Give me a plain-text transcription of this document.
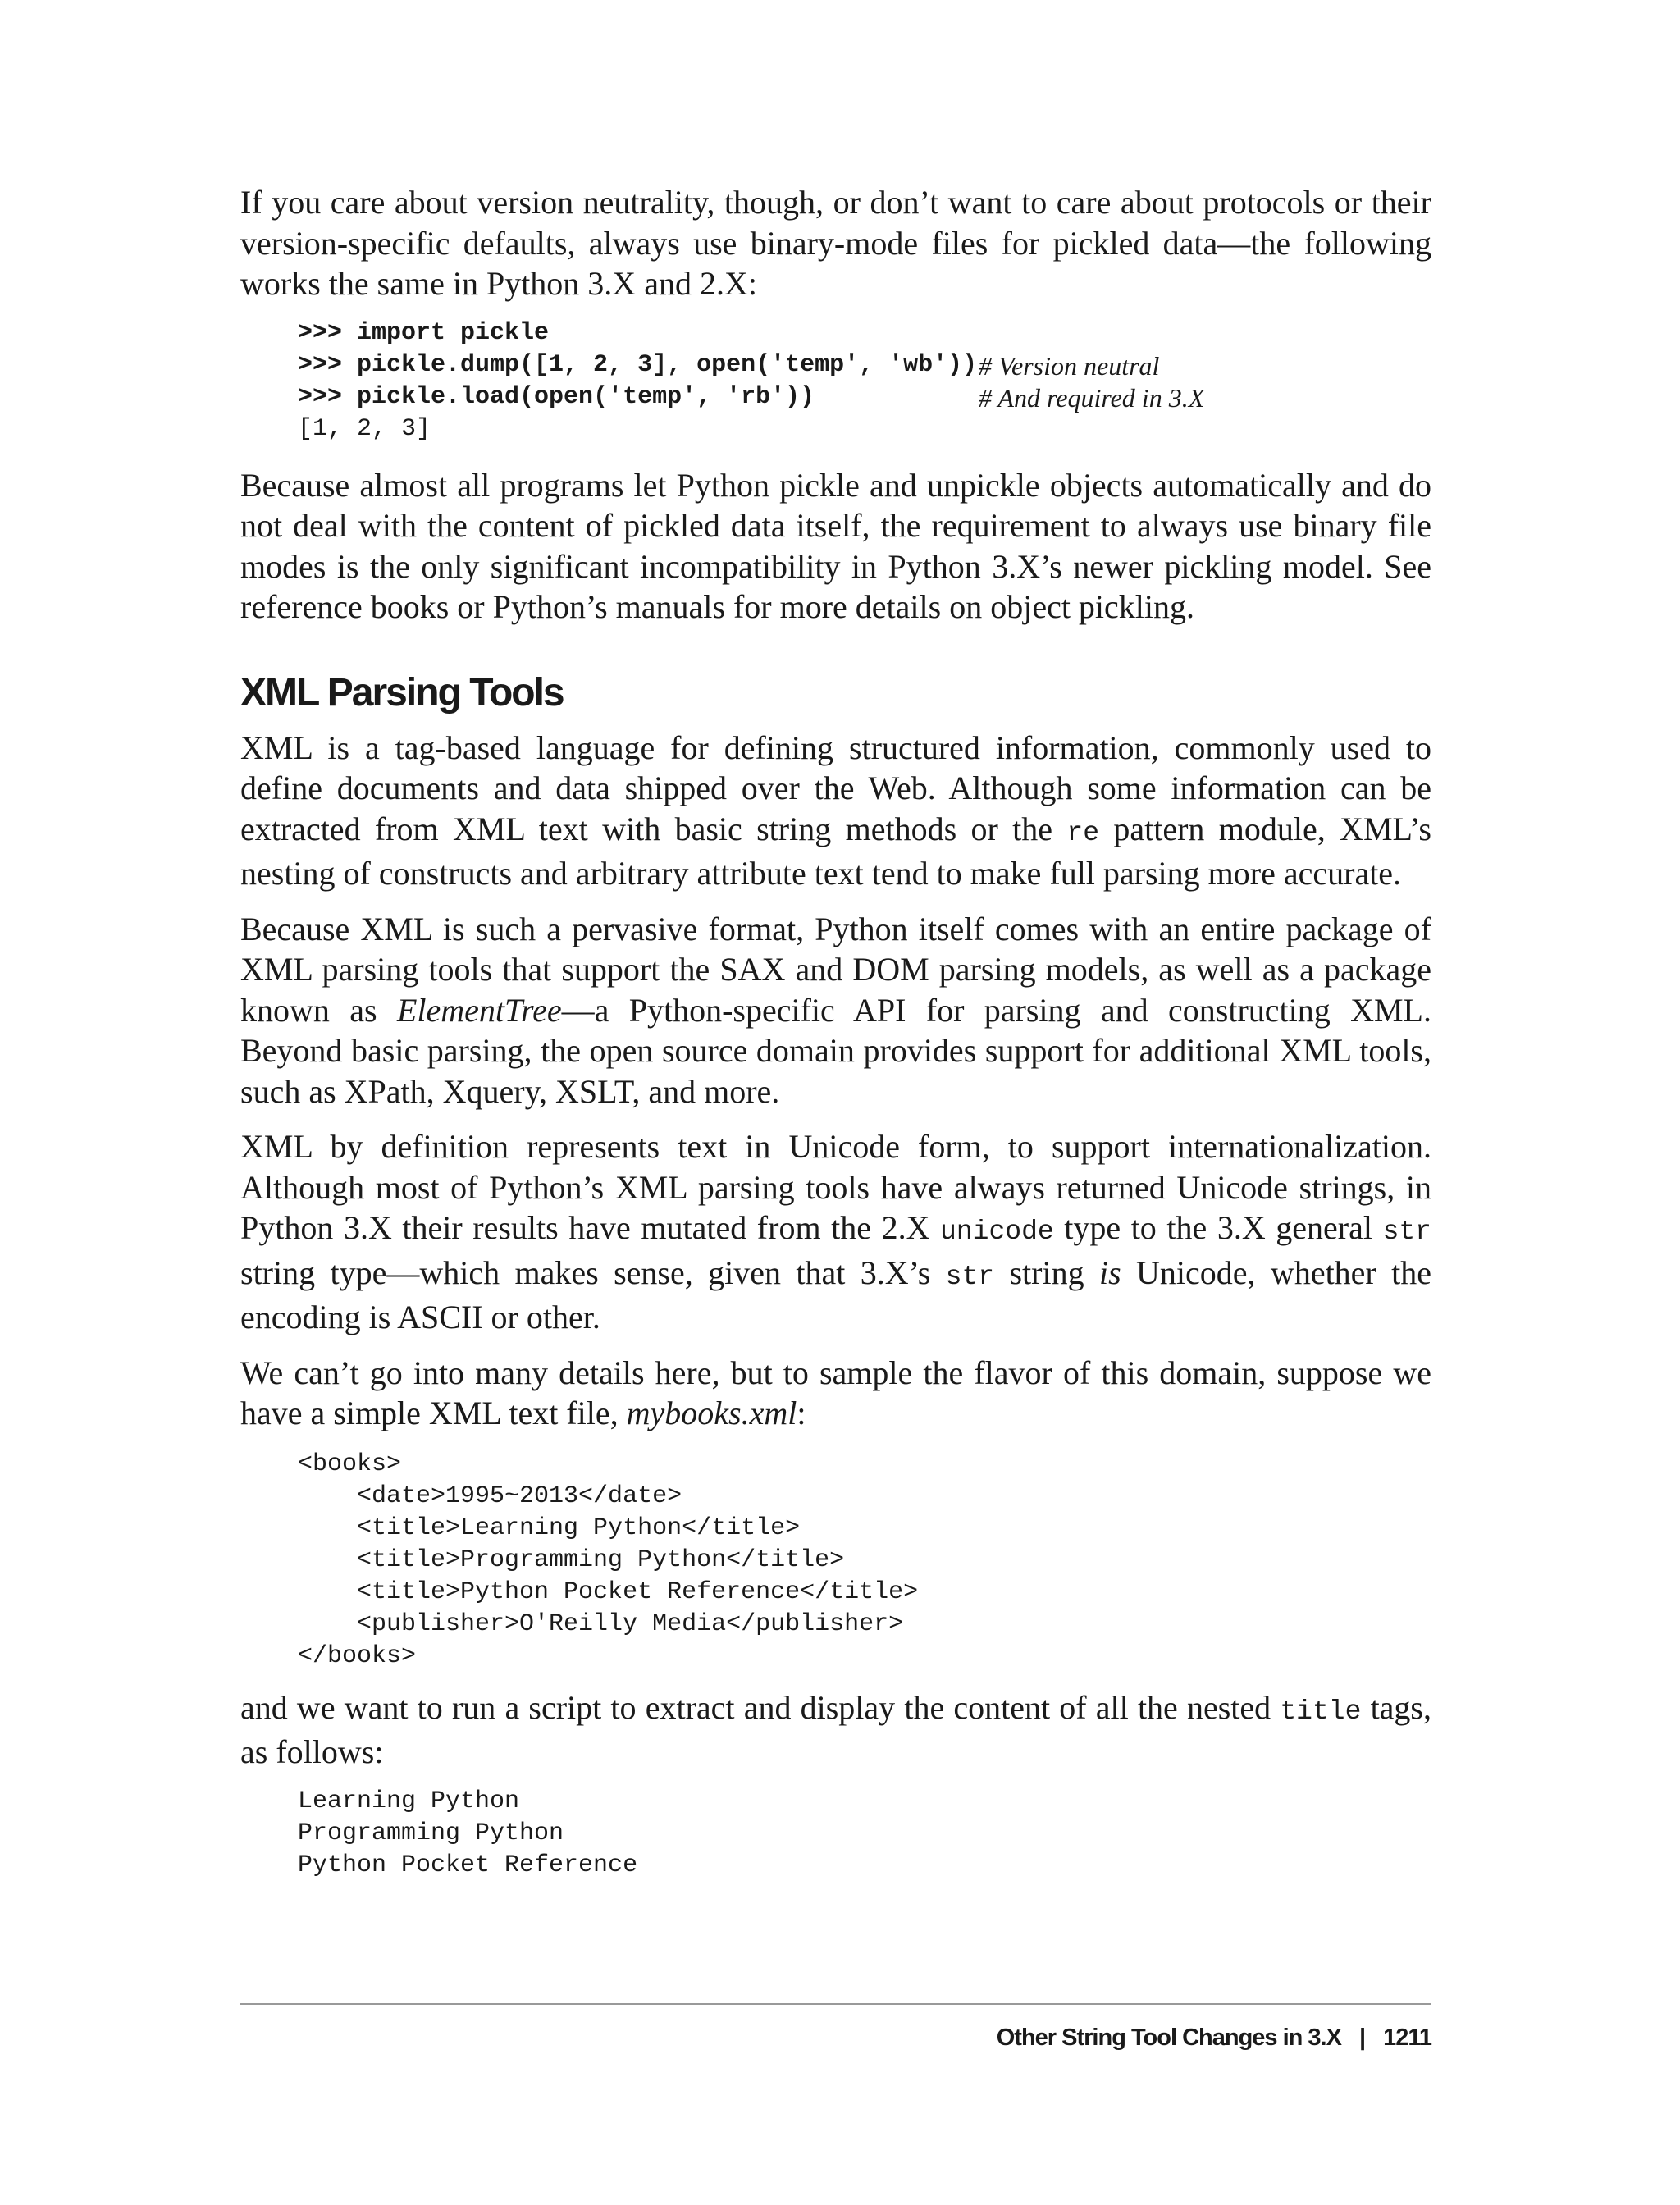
If you care about version neutrality, though, or don’t want to care about protocols or their version-specific defaults, always use binary-mode files for pickled data—the following works the same in Python 3.X and 2.X:

>>> import pickle
>>> pickle.dump([1, 2, 3], open('temp', 'wb')) # Version neutral
>>> pickle.load(open('temp', 'rb'))	# And required in 3.X
[1, 2, 3]

Because almost all programs let Python pickle and unpickle objects automatically and do not deal with the content of pickled data itself, the requirement to always use binary file modes is the only significant incompatibility in Python 3.X’s newer pickling model. See reference books or Python’s manuals for more details on object pickling.

XML Parsing Tools

XML is a tag-based language for defining structured information, commonly used to define documents and data shipped over the Web. Although some information can be extracted from XML text with basic string methods or the re pattern module, XML’s nesting of constructs and arbitrary attribute text tend to make full parsing more accurate.

Because XML is such a pervasive format, Python itself comes with an entire package of XML parsing tools that support the SAX and DOM parsing models, as well as a package known as ElementTree—a Python-specific API for parsing and constructing XML. Beyond basic parsing, the open source domain provides support for additional XML tools, such as XPath, Xquery, XSLT, and more.

XML by definition represents text in Unicode form, to support internationalization. Although most of Python’s XML parsing tools have always returned Unicode strings, in Python 3.X their results have mutated from the 2.X unicode type to the 3.X general str string type—which makes sense, given that 3.X’s str string is Unicode, whether the encoding is ASCII or other.

We can’t go into many details here, but to sample the flavor of this domain, suppose we have a simple XML text file, mybooks.xml:

<books>
<date>1995~2013</date>
<title>Learning Python</title>
<title>Programming Python</title>
<title>Python Pocket Reference</title>
<publisher>O'Reilly Media</publisher>
</books>

and we want to run a script to extract and display the content of all the nested title tags, as follows:

Learning Python
Programming Python
Python Pocket Reference
Other String Tool Changes in 3.X | 1211
